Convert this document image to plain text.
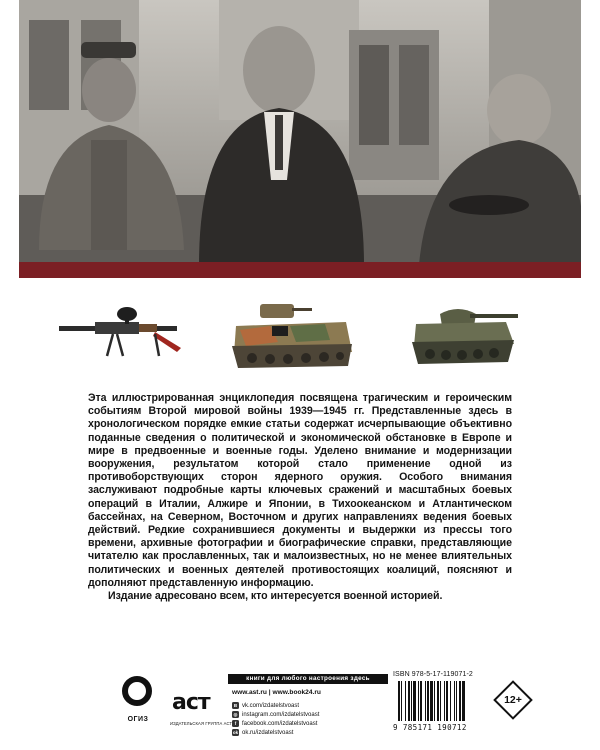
Эта иллюстрированная энциклопедия посвящена трагическим и героическим событиям Второй мировой войны 1939—1945 гг. Представленные здесь в хронологическом порядке емкие статьи содержат исчерпывающие объективно поданные сведения о политической и экономической обстановке в Европе и мире в предвоенные и военные годы. Уделено внимание и модернизации вооружения, результатом которой стало применение одной из противоборствующих сторон ядерного оружия. Особого внимания заслуживают подробные карты ключевых сражений и масштабных боевых операций в Италии, Алжире и Японии, в Тихоокеанском и Атлантическом бассейнах, на Северном, Восточном и других направлениях ведения боевых действий. Редкие сохранившиеся документы и выдержки из прессы того времени, архивные фотографии и биографические справки, представляющие читателю как прославленных, так и малоизвестных, но не менее влиятельных политических и военных деятелей противостоящих коалиций, поясняют и дополняют представленную информацию.

Издание адресовано всем, кто интересуется военной историей.

ОГИЗ
аст
ИЗДАТЕЛЬСКАЯ ГРУППА АСТ
книги для любого настроения здесь
www.ast.ru | www.book24.ru
В vk.com/izdatelstvoast
◎ instagram.com/izdatelstvoast
f facebook.com/izdatelstvoast
ok ok.ru/izdatelstvoast
ISBN 978-5-17-119071-2
9 785171 190712
12+
